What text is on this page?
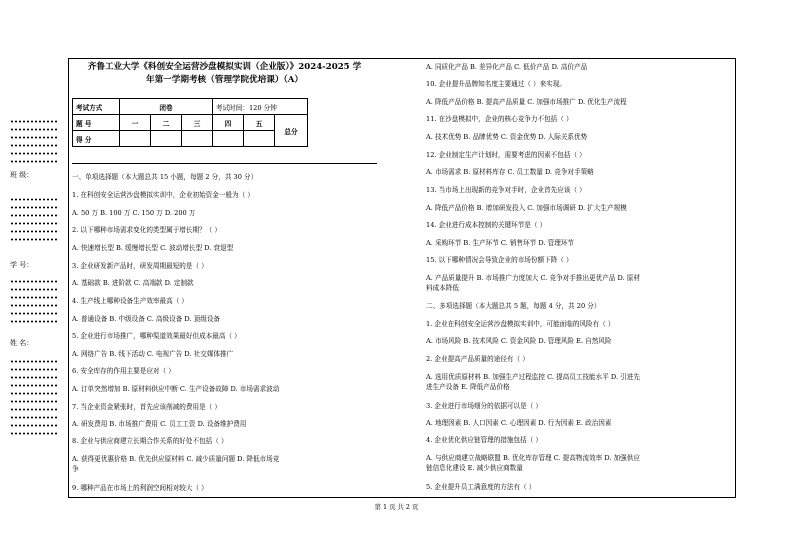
班 级：
学 号：
姓 名：
齐鲁工业大学《科创安全运营沙盘模拟实训（企业版）》2024-2025 学
年第一学期考核（管理学院优培课）（A）
考试方式	闭卷			考试时间：120 分钟		
题 号	一	二	三	四	五	总分
得 分						
一、单项选择题（本大题总共 15 小题，每题 2 分，共 30 分）
1. 在科创安全运营沙盘模拟实训中，企业初始资金一般为（ ）
A. 50 万 B. 100 万 C. 150 万 D. 200 万
2. 以下哪种市场需求变化的类型属于增长期？（ ）
A. 快速增长型 B. 缓慢增长型 C. 波动增长型 D. 衰退型
3. 企业研发新产品时，研发周期最短的是（ ）
A. 基础款 B. 进阶款 C. 高端款 D. 定制款
4. 生产线上哪种设备生产效率最高（ ）
A. 普通设备 B. 中级设备 C. 高级设备 D. 顶级设备
5. 企业进行市场推广，哪种渠道效果最好但成本最高（ ）
A. 网络广告 B. 线下活动 C. 电视广告 D. 社交媒体推广
6. 安全库存的作用主要是应对（ ）
A. 订单突然增加 B. 原材料供应中断 C. 生产设备故障 D. 市场需求波动
7. 当企业资金紧张时，首先应该削减的费用是（ ）
A. 研发费用 B. 市场推广费用 C. 员工工资 D. 设备维护费用
8. 企业与供应商建立长期合作关系的好处不包括（ ）
A. 获得更优惠价格 B. 优先供应原材料 C. 减少质量问题 D. 降低市场竞
争
9. 哪种产品在市场上的利润空间相对较大（ ）
A. 同质化产品 B. 差异化产品 C. 低价产品 D. 高价产品
10. 企业提升品牌知名度主要通过（ ）来实现。
A. 降低产品价格 B. 提高产品质量 C. 加强市场推广 D. 优化生产流程
11. 在沙盘模拟中，企业的核心竞争力不包括（ ）
A. 技术优势 B. 品牌优势 C. 资金优势 D. 人际关系优势
12. 企业制定生产计划时，需要考虑的因素不包括（ ）
A. 市场需求 B. 原材料库存 C. 员工数量 D. 竞争对手策略
13. 当市场上出现新的竞争对手时，企业首先应该（ ）
A. 降低产品价格 B. 增加研发投入 C. 加强市场调研 D. 扩大生产规模
14. 企业进行成本控制的关键环节是（ ）
A. 采购环节 B. 生产环节 C. 销售环节 D. 管理环节
15. 以下哪种情况会导致企业的市场份额下降（ ）
A. 产品质量提升 B. 市场推广力度加大 C. 竞争对手推出更优产品 D. 原材
料成本降低
二、多项选择题（本大题总共 5 题，每题 4 分，共 20 分）
1. 企业在科创安全运营沙盘模拟实训中，可能面临的风险有（ ）
A. 市场风险 B. 技术风险 C. 资金风险 D. 管理风险 E. 自然风险
2. 企业提高产品质量的途径有（ ）
A. 选用优质原材料 B. 加强生产过程监控 C. 提高员工技能水平 D. 引进先
进生产设备 E. 降低产品价格
3. 企业进行市场细分的依据可以是（ ）
A. 地理因素 B. 人口因素 C. 心理因素 D. 行为因素 E. 政治因素
4. 企业优化供应链管理的措施包括（ ）
A. 与供应商建立战略联盟 B. 优化库存管理 C. 提高物流效率 D. 加强供应
链信息化建设 E. 减少供应商数量
5. 企业提升员工满意度的方法有（ ）
第 1 页 共 2 页
